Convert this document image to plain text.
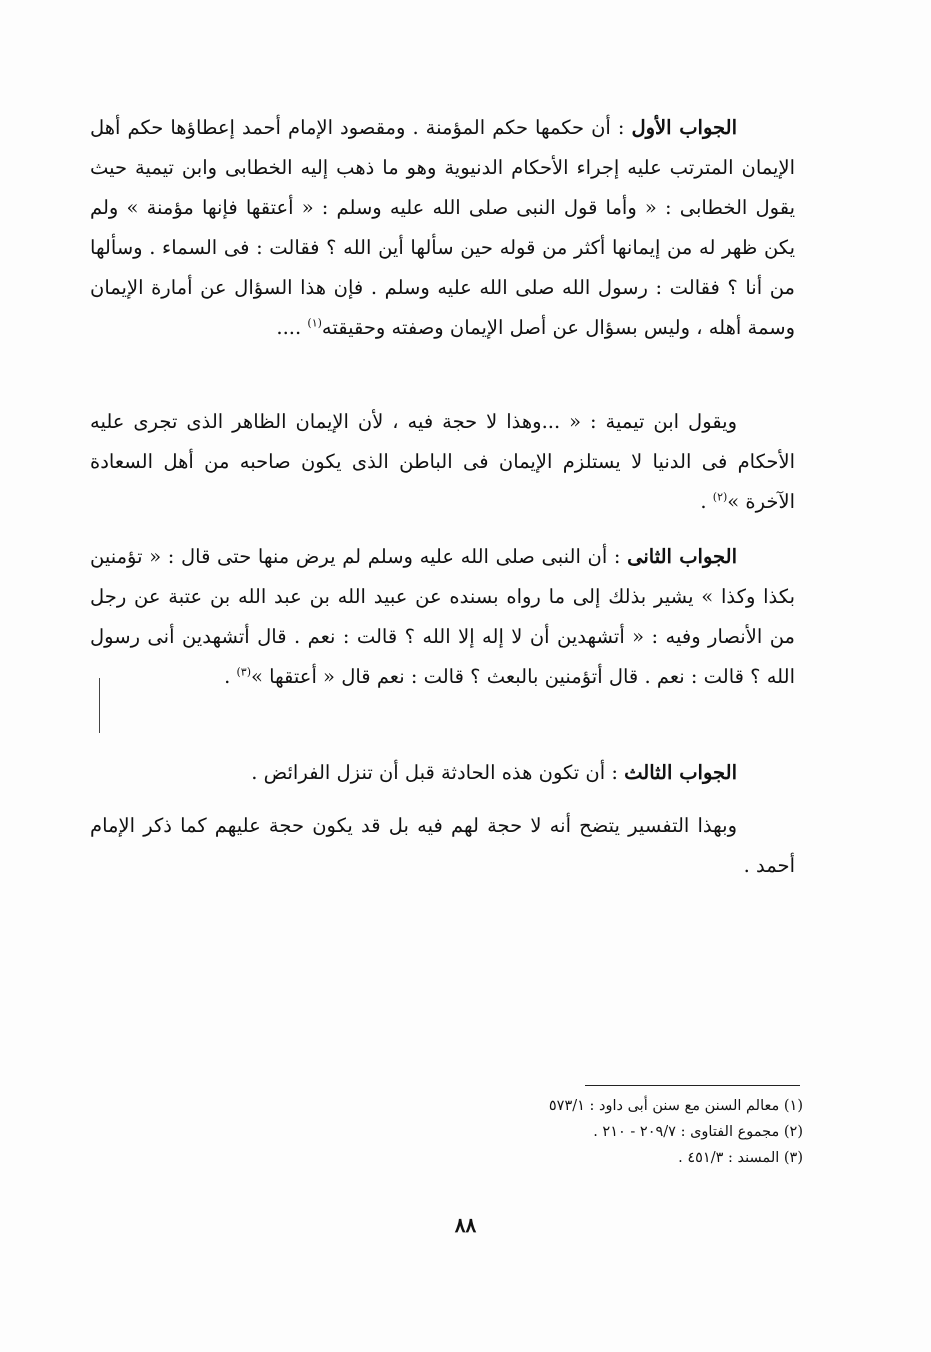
الجواب الأول : أن حكمها حكم المؤمنة . ومقصود الإمام أحمد إعطاؤها حكم أهل الإيمان المترتب عليه إجراء الأحكام الدنيوية وهو ما ذهب إليه الخطابى وابن تيمية حيث يقول الخطابى : « وأما قول النبى صلى الله عليه وسلم : « أعتقها فإنها مؤمنة » ولم يكن ظهر له من إيمانها أكثر من قوله حين سألها أين الله ؟ فقالت : فى السماء . وسألها من أنا ؟ فقالت : رسول الله صلى الله عليه وسلم . فإن هذا السؤال عن أمارة الإيمان وسمة أهله ، وليس بسؤال عن أصل الإيمان وصفته وحقيقته$^{(١)}$ ....

ويقول ابن تيمية : « ...وهذا لا حجة فيه ، لأن الإيمان الظاهر الذى تجرى عليه الأحكام فى الدنيا لا يستلزم الإيمان فى الباطن الذى يكون صاحبه من أهل السعادة الآخرة »$^{(٢)}$ .

الجواب الثانى : أن النبى صلى الله عليه وسلم لم يرض منها حتى قال : « تؤمنين بكذا وكذا » يشير بذلك إلى ما رواه بسنده عن عبيد الله بن عبد الله بن عتبة عن رجل من الأنصار وفيه : « أتشهدين أن لا إله إلا الله ؟ قالت : نعم . قال أتشهدين أنى رسول الله ؟ قالت : نعم . قال أتؤمنين بالبعث ؟ قالت : نعم قال « أعتقها »$^{(٣)}$ .

الجواب الثالث : أن تكون هذه الحادثة قبل أن تنزل الفرائض .

وبهذا التفسير يتضح أنه لا حجة لهم فيه بل قد يكون حجة عليهم كما ذكر الإمام أحمد .

(١) معالم السنن مع سنن أبى داود : ٥٧٣/١
(٢) مجموع الفتاوى : ٢٠٩/٧ - ٢١٠ .
(٣) المسند : ٤٥١/٣ .
٨٨
